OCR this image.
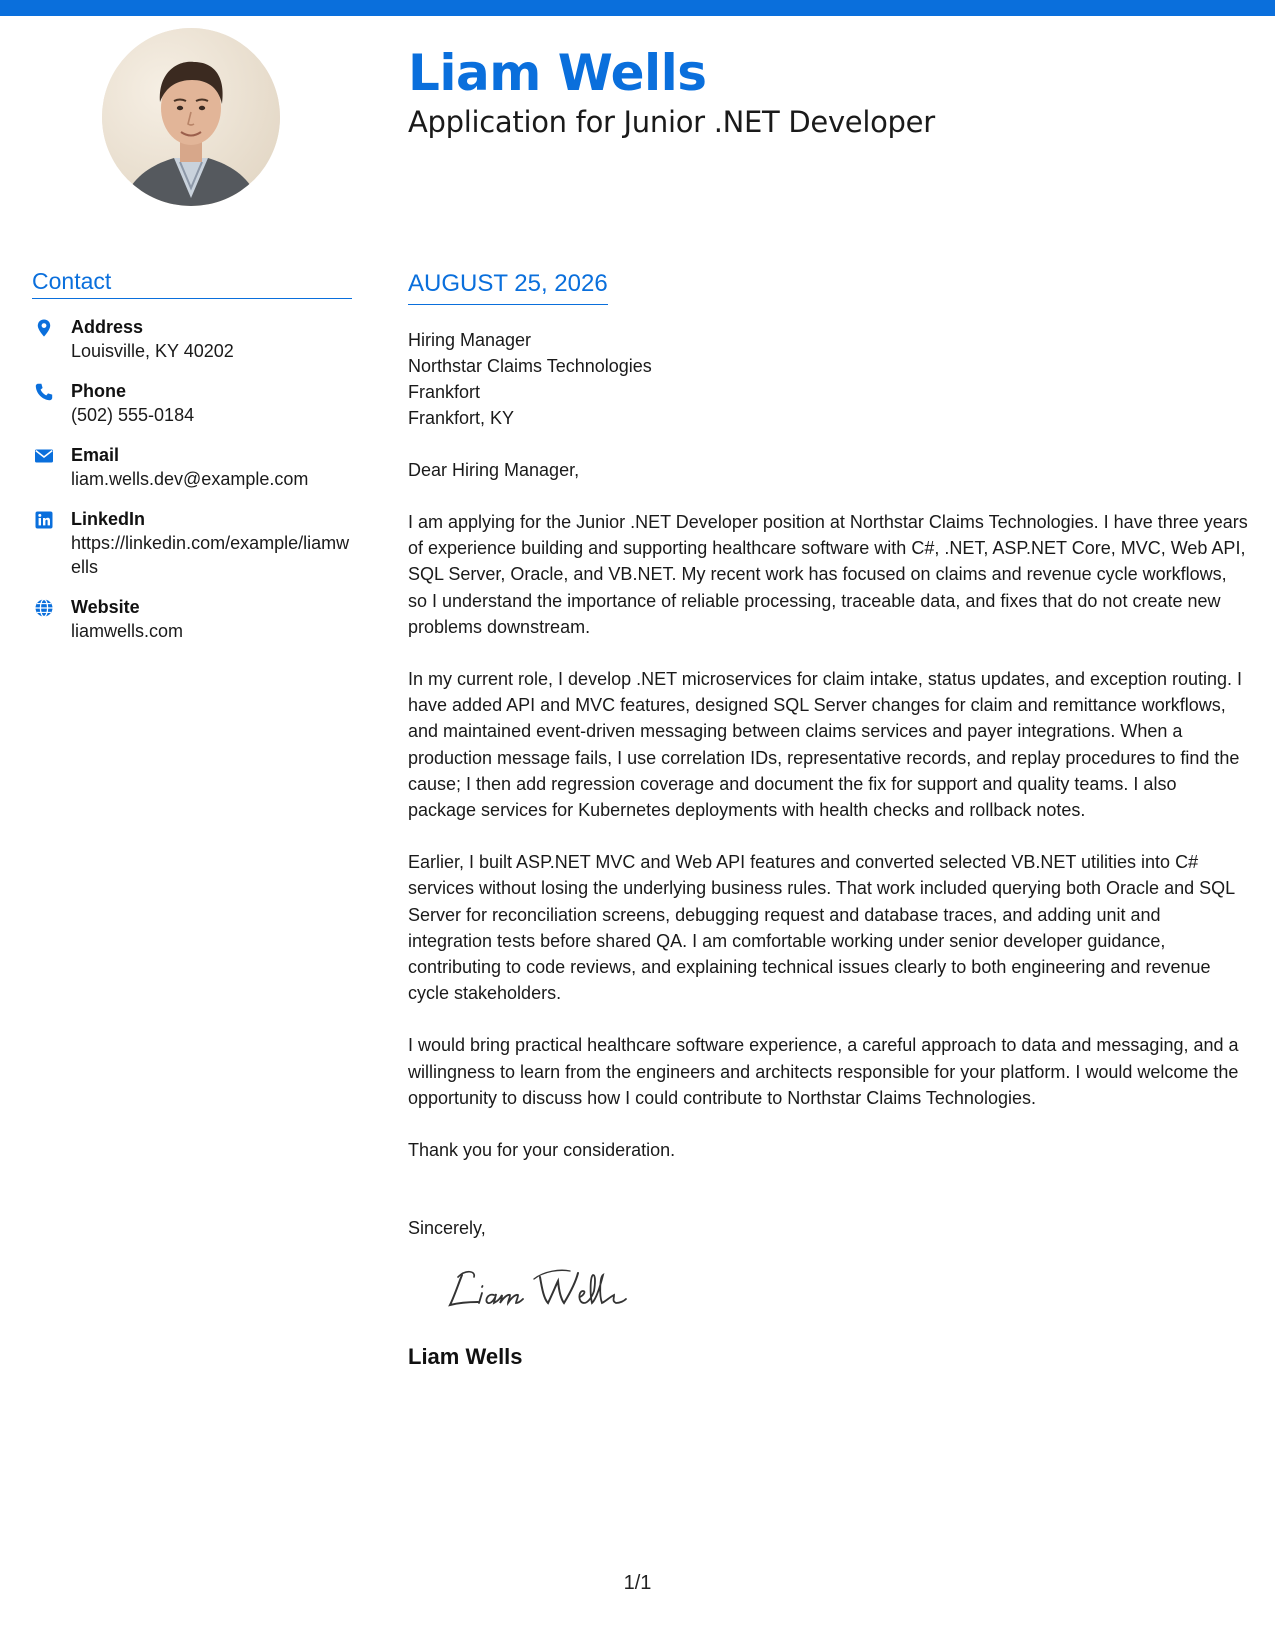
Liam Wells
Application for Junior .NET Developer
Contact
Address
Louisville, KY 40202
Phone
(502) 555-0184
Email
liam.wells.dev@example.com
LinkedIn
https://linkedin.com/example/liamwells
Website
liamwells.com
AUGUST 25, 2026
Hiring Manager
Northstar Claims Technologies
Frankfort
Frankfort, KY
Dear Hiring Manager,
I am applying for the Junior .NET Developer position at Northstar Claims Technologies. I have three years of experience building and supporting healthcare software with C#, .NET, ASP.NET Core, MVC, Web API, SQL Server, Oracle, and VB.NET. My recent work has focused on claims and revenue cycle workflows, so I understand the importance of reliable processing, traceable data, and fixes that do not create new problems downstream.
In my current role, I develop .NET microservices for claim intake, status updates, and exception routing. I have added API and MVC features, designed SQL Server changes for claim and remittance workflows, and maintained event-driven messaging between claims services and payer integrations. When a production message fails, I use correlation IDs, representative records, and replay procedures to find the cause; I then add regression coverage and document the fix for support and quality teams. I also package services for Kubernetes deployments with health checks and rollback notes.
Earlier, I built ASP.NET MVC and Web API features and converted selected VB.NET utilities into C# services without losing the underlying business rules. That work included querying both Oracle and SQL Server for reconciliation screens, debugging request and database traces, and adding unit and integration tests before shared QA. I am comfortable working under senior developer guidance, contributing to code reviews, and explaining technical issues clearly to both engineering and revenue cycle stakeholders.
I would bring practical healthcare software experience, a careful approach to data and messaging, and a willingness to learn from the engineers and architects responsible for your platform. I would welcome the opportunity to discuss how I could contribute to Northstar Claims Technologies.
Thank you for your consideration.
Sincerely,
Liam Wells
1/1
